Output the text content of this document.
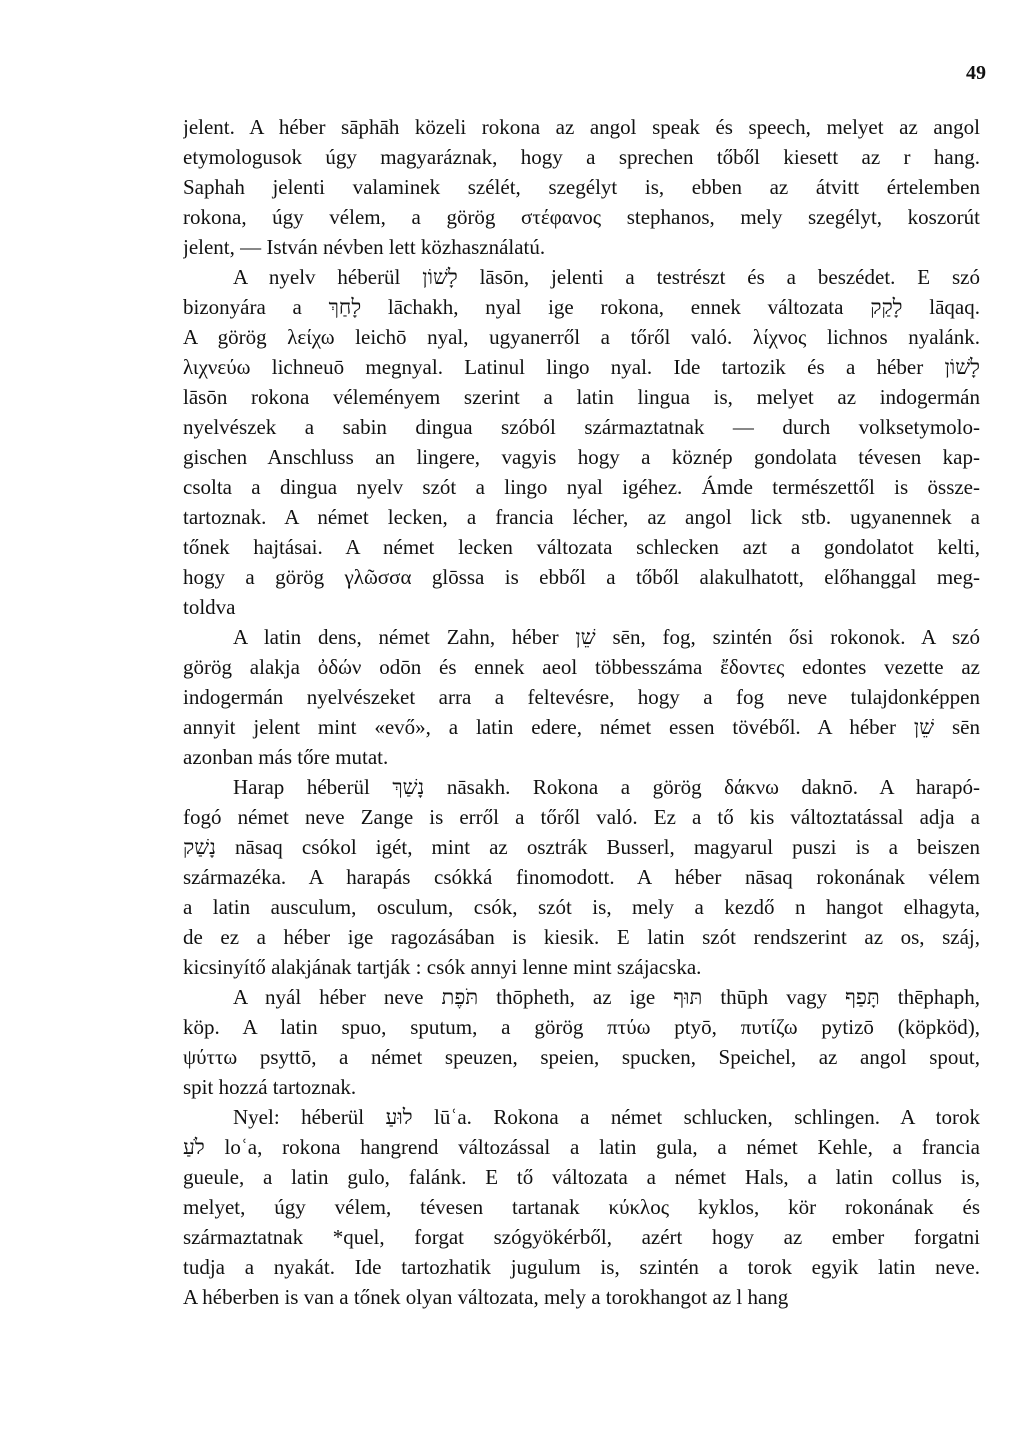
49
jelent. A héber sāphāh közeli rokona az angol speak és speech, melyet az angol
etymologusok úgy magyaráznak, hogy a sprechen tőből kiesett az r hang.
Saphah jelenti valaminek szélét, szegélyt is, ebben az átvitt értelemben
rokona, úgy vélem, a görög στέφανος stephanos, mely szegélyt, koszorút
jelent, — István névben lett közhasználatú.
A nyelv héberül לָשׁוֹן lāsōn, jelenti a testrészt és a beszédet. E szó
bizonyára a לָחַךְ lāchakh, nyal ige rokona, ennek változata לָקַק lāqaq.
A görög λείχω leichō nyal, ugyanerről a tőről való. λίχνος lichnos nyalánk.
λιχνεύω lichneuō megnyal. Latinul lingo nyal. Ide tartozik és a héber לָשׁוֹן
lāsōn rokona véleményem szerint a latin lingua is, melyet az indogermán
nyelvészek a sabin dingua szóból származtatnak — durch volksetymolo-
gischen Anschluss an lingere, vagyis hogy a köznép gondolata tévesen kap-
csolta a dingua nyelv szót a lingo nyal igéhez. Ámde természettől is össze-
tartoznak. A német lecken, a francia lécher, az angol lick stb. ugyanennek a
tőnek hajtásai. A német lecken változata schlecken azt a gondolatot kelti,
hogy a görög γλῶσσα glōssa is ebből a tőből alakulhatott, előhanggal meg-
toldva
A latin dens, német Zahn, héber שֵׁן sēn, fog, szintén ősi rokonok. A szó
görög alakja ὀδών odōn és ennek aeol többesszáma ἔδοντες edontes vezette az
indogermán nyelvészeket arra a feltevésre, hogy a fog neve tulajdonképpen
annyit jelent mint «evő», a latin edere, német essen tövéből. A héber שֵׁן sēn
azonban más tőre mutat.
Harap héberül נָשַׁךְ nāsakh. Rokona a görög δάκνω daknō. A harapó-
fogó német neve Zange is erről a tőről való. Ez a tő kis változtatással adja a
נָשַׁק nāsaq csókol igét, mint az osztrák Busserl, magyarul puszi is a beiszen
származéka. A harapás csókká finomodott. A héber nāsaq rokonának vélem
a latin ausculum, osculum, csók, szót is, mely a kezdő n hangot elhagyta,
de ez a héber ige ragozásában is kiesik. E latin szót rendszerint az os, száj,
kicsinyítő alakjának tartják : csók annyi lenne mint szájacska.
A nyál héber neve תֹּפֶת thōpheth, az ige תּוּף thūph vagy תָּפַף thēphaph,
köp. A latin spuo, sputum, a görög πτύω ptyō, πυτίζω pytizō (köpköd),
ψύττω psyttō, a német speuzen, speien, spucken, Speichel, az angol spout,
spit hozzá tartoznak.
Nyel: héberül לוּעַ lūʿa. Rokona a német schlucken, schlingen. A torok
לֹעַ loʿa, rokona hangrend változással a latin gula, a német Kehle, a francia
gueule, a latin gulo, falánk. E tő változata a német Hals, a latin collus is,
melyet, úgy vélem, tévesen tartanak κύκλος kyklos, kör rokonának és
származtatnak *quel, forgat szógyökérből, azért hogy az ember forgatni
tudja a nyakát. Ide tartozhatik jugulum is, szintén a torok egyik latin neve.
A héberben is van a tőnek olyan változata, mely a torokhangot az l hang
